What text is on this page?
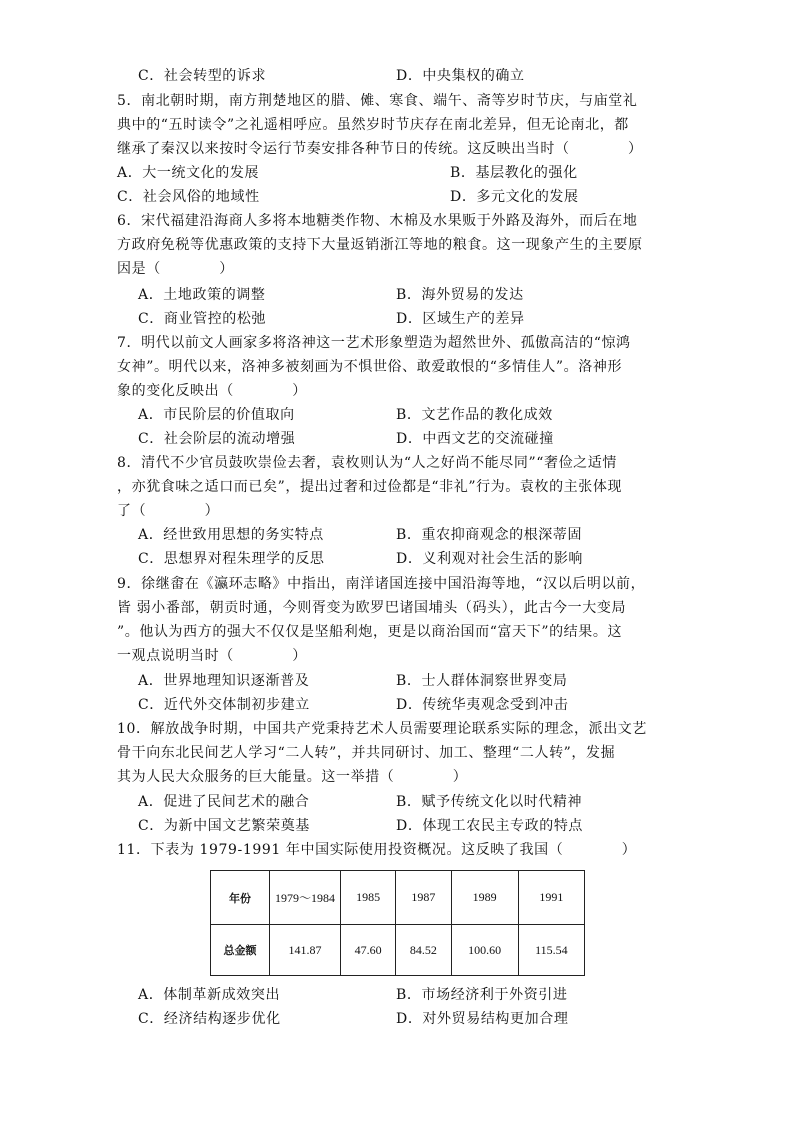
C．社会转型的诉求	D．中央集权的确立
5．南北朝时期，南方荆楚地区的腊、傩、寒食、端午、斋等岁时节庆，与庙堂礼
典中的“五时读令”之礼遥相呼应。虽然岁时节庆存在南北差异，但无论南北，都
继承了秦汉以来按时令运行节奏安排各种节日的传统。这反映出当时（　　　　）
A．大一统文化的发展	B．基层教化的强化
C．社会风俗的地域性	D．多元文化的发展
6．宋代福建沿海商人多将本地糖类作物、木棉及水果贩于外路及海外，而后在地
方政府免税等优惠政策的支持下大量返销浙江等地的粮食。这一现象产生的主要原
因是（　　　　）
A．土地政策的调整	B．海外贸易的发达
C．商业管控的松弛	D．区域生产的差异
7．明代以前文人画家多将洛神这一艺术形象塑造为超然世外、孤傲高洁的“惊鸿
女神”。明代以来，洛神多被刻画为不惧世俗、敢爱敢恨的“多情佳人”。洛神形
象的变化反映出（　　　　）
A．市民阶层的价值取向	B．文艺作品的教化成效
C．社会阶层的流动增强	D．中西文艺的交流碰撞
8．清代不少官员鼓吹崇俭去奢，袁枚则认为“人之好尚不能尽同”“奢俭之适情
，亦犹食味之适口而已矣”，提出过奢和过俭都是“非礼”行为。袁枚的主张体现
了（　　　　）
A．经世致用思想的务实特点	B．重农抑商观念的根深蒂固
C．思想界对程朱理学的反思	D．义利观对社会生活的影响
9．徐继畬在《瀛环志略》中指出，南洋诸国连接中国沿海等地，“汉以后明以前，
皆 弱小番部，朝贡时通，今则胥变为欧罗巴诸国埔头（码头），此古今一大变局
”。他认为西方的强大不仅仅是坚船利炮，更是以商治国而“富天下”的结果。这
一观点说明当时（　　　　）
A．世界地理知识逐渐普及	B．士人群体洞察世界变局
C．近代外交体制初步建立	D．传统华夷观念受到冲击
10．解放战争时期，中国共产党秉持艺术人员需要理论联系实际的理念，派出文艺
骨干向东北民间艺人学习“二人转”，并共同研讨、加工、整理“二人转”，发掘
其为人民大众服务的巨大能量。这一举措（　　　　）
A．促进了民间艺术的融合	B．赋予传统文化以时代精神
C．为新中国文艺繁荣奠基	D．体现工农民主专政的特点
11．下表为 1979-1991 年中国实际使用投资概况。这反映了我国（　　　　）
年份	1979～1984	1985	1987	1989	1991
总金额	141.87	47.60	84.52	100.60	115.54
A．体制革新成效突出	B．市场经济利于外资引进
C．经济结构逐步优化	D．对外贸易结构更加合理
